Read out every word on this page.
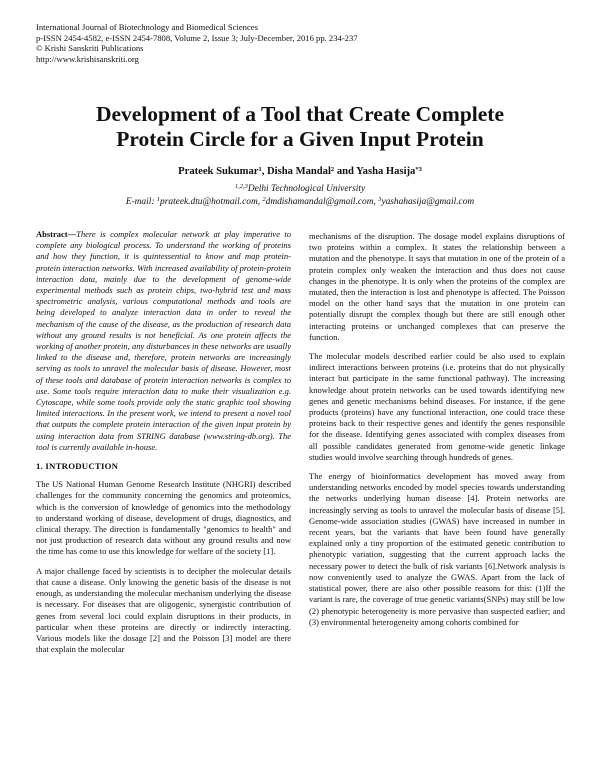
International Journal of Biotechnology and Biomedical Sciences
p-ISSN 2454-4582, e-ISSN 2454-7808, Volume 2, Issue 3; July-December, 2016 pp. 234-237
© Krishi Sanskriti Publications
http://www.krishisanskriti.org
Development of a Tool that Create Complete
Protein Circle for a Given Input Protein
Prateek Sukumar$^1$, Disha Mandal$^2$ and Yasha Hasija$^{*3}$
$^{1,2,3}$Delhi Technological University
E-mail: $^1$prateek.dtu@hotmail.com, $^2$dmdishamandal@gmail.com, $^3$yashahasija@gmail.com

Abstract—There is complex molecular network at play imperative to complete any biological process. To understand the working of proteins and how they function, it is quintessential to know and map protein-protein interaction networks. With increased availability of protein-protein interaction data, mainly due to the development of genome-wide experimental methods such as protein chips, two-hybrid test and mass spectrometric analysis, various computational methods and tools are being developed to analyze interaction data in order to reveal the mechanism of the cause of the disease, as the production of research data without any ground results is not beneficial. As one protein affects the working of another protein, any disturbances in these networks are usually linked to the disease and, therefore, protein networks are increasingly serving as tools to unravel the molecular basis of disease. However, most of these tools and database of protein interaction networks is complex to use. Some tools require interaction data to make their visualization e.g. Cytoscape, while some tools provide only the static graphic tool showing limited interactions. In the present work, we intend to present a novel tool that outputs the complete protein interaction of the given input protein by using interaction data from STRING database (www.string-db.org). The tool is currently available in-house.

1. INTRODUCTION

The US National Human Genome Research Institute (NHGRI) described challenges for the community concerning the genomics and proteomics, which is the conversion of knowledge of genomics into the methodology to understand working of disease, development of drugs, diagnostics, and clinical therapy. The direction is fundamentally "genomics to health" and not just production of research data without any ground results and now the time has come to use this knowledge for welfare of the society [1].

A major challenge faced by scientists is to decipher the molecular details that cause a disease. Only knowing the genetic basis of the disease is not enough, as understanding the molecular mechanism underlying the disease is necessary. For diseases that are oligogenic, synergistic contribution of genes from several loci could explain disruptions in their products, in particular when these proteins are directly or indirectly interacting. Various models like the dosage [2] and the Poisson [3] model are there that explain the molecular

mechanisms of the disruption. The dosage model explains disruptions of two proteins within a complex. It states the relationship between a mutation and the phenotype. It says that mutation in one of the protein of a protein complex only weaken the interaction and thus does not cause changes in the phenotype. It is only when the proteins of the complex are mutated, then the interaction is lost and phenotype is affected. The Poisson model on the other hand says that the mutation in one protein can potentially disrupt the complex though but there are still enough other interacting proteins or unchanged complexes that can preserve the function.

The molecular models described earlier could be also used to explain indirect interactions between proteins (i.e. proteins that do not physically interact but participate in the same functional pathway). The increasing knowledge about protein networks can be used towards identifying new genes and genetic mechanisms behind diseases. For instance, if the gene products (proteins) have any functional interaction, one could trace these proteins back to their respective genes and identify the genes responsible for the disease. Identifying genes associated with complex diseases from all possible candidates generated from genome-wide genetic linkage studies would involve searching through hundreds of genes.

The energy of bioinformatics development has moved away from understanding networks encoded by model species towards understanding the networks underlying human disease [4]. Protein networks are increasingly serving as tools to unravel the molecular basis of disease [5]. Genome-wide association studies (GWAS) have increased in number in recent years, but the variants that have been found have generally explained only a tiny proportion of the estimated genetic contribution to phenotypic variation, suggesting that the current approach lacks the necessary power to detect the bulk of risk variants [6].Network analysis is now conveniently used to analyze the GWAS. Apart from the lack of statistical power, there are also other possible reasons for this: (1)If the variant is rare, the coverage of true genetic variants(SNPs) may still be low (2) phenotypic heterogeneity is more pervasive than suspected earlier; and (3) environmental heterogeneity among cohorts combined for
